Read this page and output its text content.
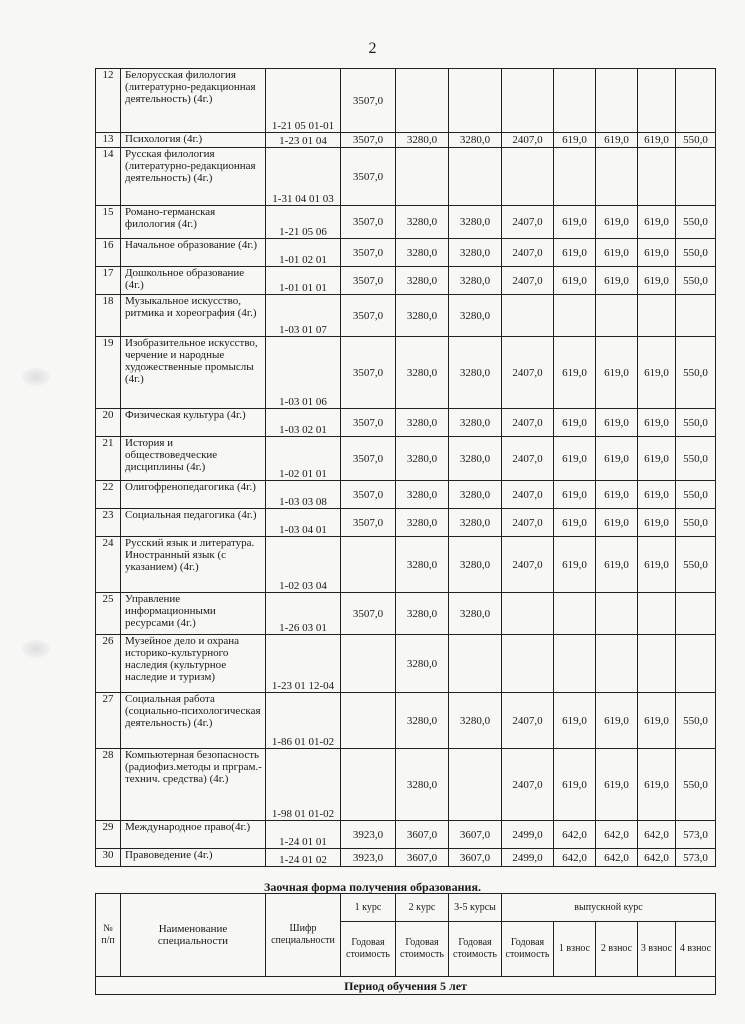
2
12	Белорусская филология (литературно-редакционная деятельность) (4г.)	1-21 05 01-01	3507,0							
13	Психология (4г.)	1-23 01 04	3507,0	3280,0	3280,0	2407,0	619,0	619,0	619,0	550,0
14	Русская филология (литературно-редакционная деятельность) (4г.)	1-31 04 01 03	3507,0							
15	Романо-германская филология (4г.)	1-21 05 06	3507,0	3280,0	3280,0	2407,0	619,0	619,0	619,0	550,0
16	Начальное образование (4г.)	1-01 02 01	3507,0	3280,0	3280,0	2407,0	619,0	619,0	619,0	550,0
17	Дошкольное образование (4г.)	1-01 01 01	3507,0	3280,0	3280,0	2407,0	619,0	619,0	619,0	550,0
18	Музыкальное искусство, ритмика и хореография (4г.)	1-03 01 07	3507,0	3280,0	3280,0					
19	Изобразительное искусство, черчение и народные художественные промыслы (4г.)	1-03 01 06	3507,0	3280,0	3280,0	2407,0	619,0	619,0	619,0	550,0
20	Физическая культура (4г.)	1-03 02 01	3507,0	3280,0	3280,0	2407,0	619,0	619,0	619,0	550,0
21	История и обществоведческие дисциплины (4г.)	1-02 01 01	3507,0	3280,0	3280,0	2407,0	619,0	619,0	619,0	550,0
22	Олигофренопедагогика (4г.)	1-03 03 08	3507,0	3280,0	3280,0	2407,0	619,0	619,0	619,0	550,0
23	Социальная педагогика (4г.)	1-03 04 01	3507,0	3280,0	3280,0	2407,0	619,0	619,0	619,0	550,0
24	Русский язык и литература. Иностранный язык (с указанием) (4г.)	1-02 03 04		3280,0	3280,0	2407,0	619,0	619,0	619,0	550,0
25	Управление информационными ресурсами (4г.)	1-26 03 01	3507,0	3280,0	3280,0					
26	Музейное дело и охрана историко-культурного наследия (культурное наследие и туризм)	1-23 01 12-04		3280,0						
27	Социальная работа (социально-психологическая деятельность) (4г.)	1-86 01 01-02		3280,0	3280,0	2407,0	619,0	619,0	619,0	550,0
28	Компьютерная безопасность (радиофиз.методы и прграм.-технич. средства) (4г.)	1-98 01 01-02		3280,0		2407,0	619,0	619,0	619,0	550,0
29	Международное право(4г.)	1-24 01 01	3923,0	3607,0	3607,0	2499,0	642,0	642,0	642,0	573,0
30	Правоведение (4г.)	1-24 01 02	3923,0	3607,0	3607,0	2499,0	642,0	642,0	642,0	573,0
Заочная форма получения образования.
№ п/п	Наименование специальности	Шифр специальности	1 курс	2 курс	3-5 курсы	выпускной курс				
			Годовая стоимость	Годовая стоимость	Годовая стоимость	Годовая стоимость	1 взнос	2 взнос	3 взнос	4 взнос
Период обучения 5 лет										
